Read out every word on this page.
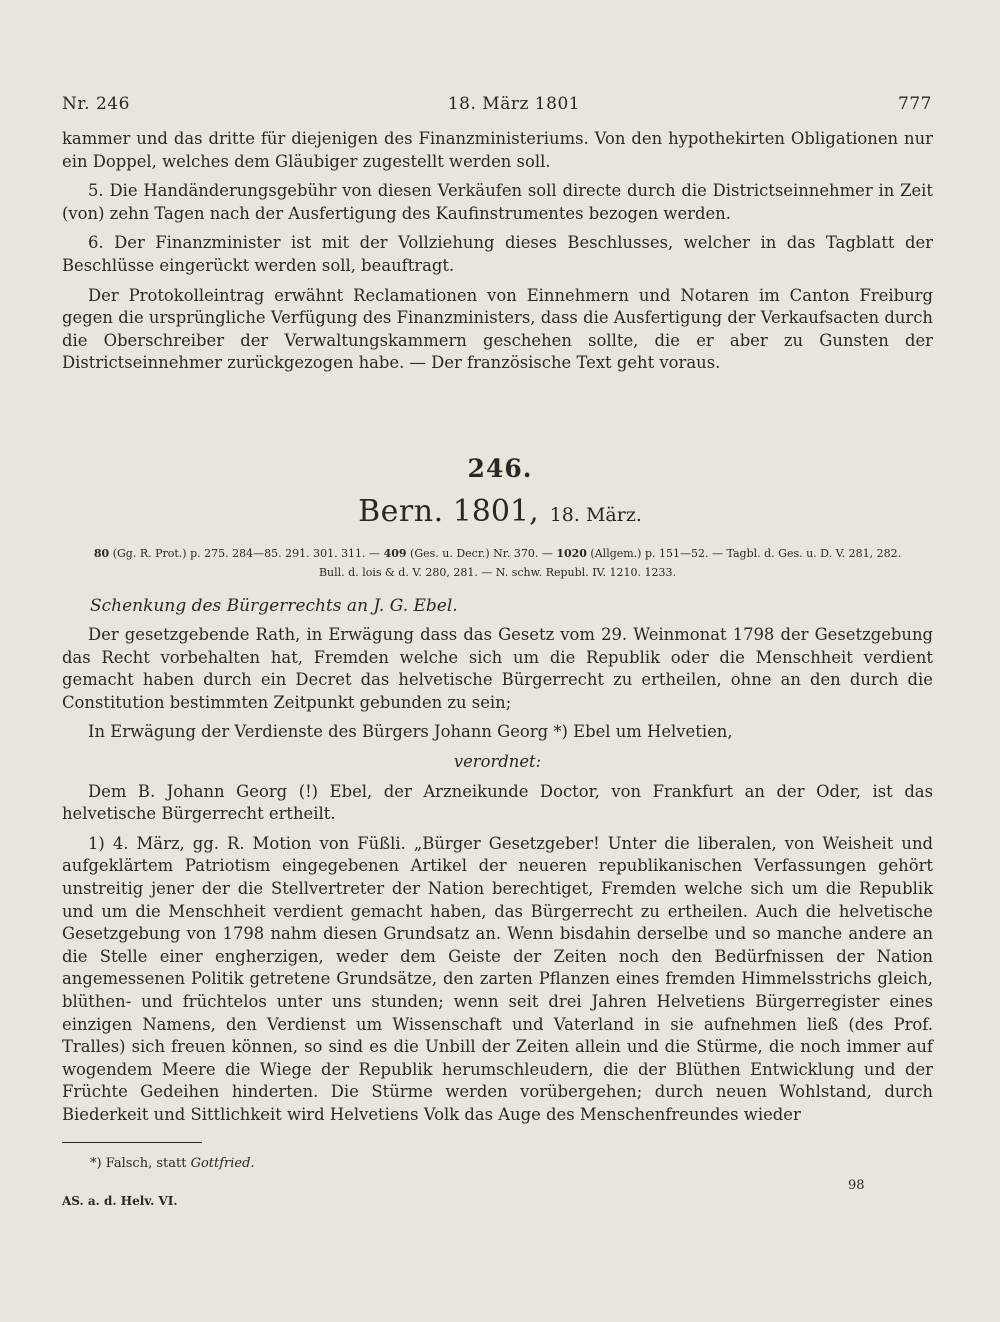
Nr. 246	18. März 1801	777

kammer und das dritte für diejenigen des Finanzministeriums. Von den hypothekirten Obligationen nur ein Doppel, welches dem Gläubiger zugestellt werden soll.

5. Die Handänderungsgebühr von diesen Verkäufen soll directe durch die Districtseinnehmer in Zeit (von) zehn Tagen nach der Ausfertigung des Kaufinstrumentes bezogen werden.

6. Der Finanzminister ist mit der Vollziehung dieses Beschlusses, welcher in das Tagblatt der Beschlüsse eingerückt werden soll, beauftragt.

Der Protokolleintrag erwähnt Reclamationen von Einnehmern und Notaren im Canton Freiburg gegen die ursprüngliche Verfügung des Finanzministers, dass die Ausfertigung der Verkaufsacten durch die Oberschreiber der Verwaltungskammern geschehen sollte, die er aber zu Gunsten der Districtseinnehmer zurückgezogen habe. — Der französische Text geht voraus.

246.
Bern. 1801, 18. März.
80 (Gg. R. Prot.) p. 275. 284—85. 291. 301. 311. — 409 (Ges. u. Decr.) Nr. 370. — 1020 (Allgem.) p. 151—52. — Tagbl. d. Ges. u. D. V. 281, 282.
Bull. d. lois & d. V. 280, 281. — N. schw. Republ. IV. 1210. 1233.
Schenkung des Bürgerrechts an J. G. Ebel.

Der gesetzgebende Rath, in Erwägung dass das Gesetz vom 29. Weinmonat 1798 der Gesetzgebung das Recht vorbehalten hat, Fremden welche sich um die Republik oder die Menschheit verdient gemacht haben durch ein Decret das helvetische Bürgerrecht zu ertheilen, ohne an den durch die Constitution bestimmten Zeitpunkt gebunden zu sein;

In Erwägung der Verdienste des Bürgers Johann Georg *) Ebel um Helvetien,

verordnet:

Dem B. Johann Georg (!) Ebel, der Arzneikunde Doctor, von Frankfurt an der Oder, ist das helvetische Bürgerrecht ertheilt.

1) 4. März, gg. R. Motion von Füßli. „Bürger Gesetzgeber! Unter die liberalen, von Weisheit und aufgeklärtem Patriotism eingegebenen Artikel der neueren republikanischen Verfassungen gehört unstreitig jener der die Stellvertreter der Nation berechtiget, Fremden welche sich um die Republik und um die Menschheit verdient gemacht haben, das Bürgerrecht zu ertheilen. Auch die helvetische Gesetzgebung von 1798 nahm diesen Grundsatz an. Wenn bisdahin derselbe und so manche andere an die Stelle einer engherzigen, weder dem Geiste der Zeiten noch den Bedürfnissen der Nation angemessenen Politik getretene Grundsätze, den zarten Pflanzen eines fremden Himmelsstrichs gleich, blüthen- und früchtelos unter uns stunden; wenn seit drei Jahren Helvetiens Bürgerregister eines einzigen Namens, den Verdienst um Wissenschaft und Vaterland in sie aufnehmen ließ (des Prof. Tralles) sich freuen können, so sind es die Unbill der Zeiten allein und die Stürme, die noch immer auf wogendem Meere die Wiege der Republik herumschleudern, die der Blüthen Entwicklung und der Früchte Gedeihen hinderten. Die Stürme werden vorübergehen; durch neuen Wohlstand, durch Biederkeit und Sittlichkeit wird Helvetiens Volk das Auge des Menschenfreundes wieder

*) Falsch, statt Gottfried.
AS. a. d. Helv. VI.
98
